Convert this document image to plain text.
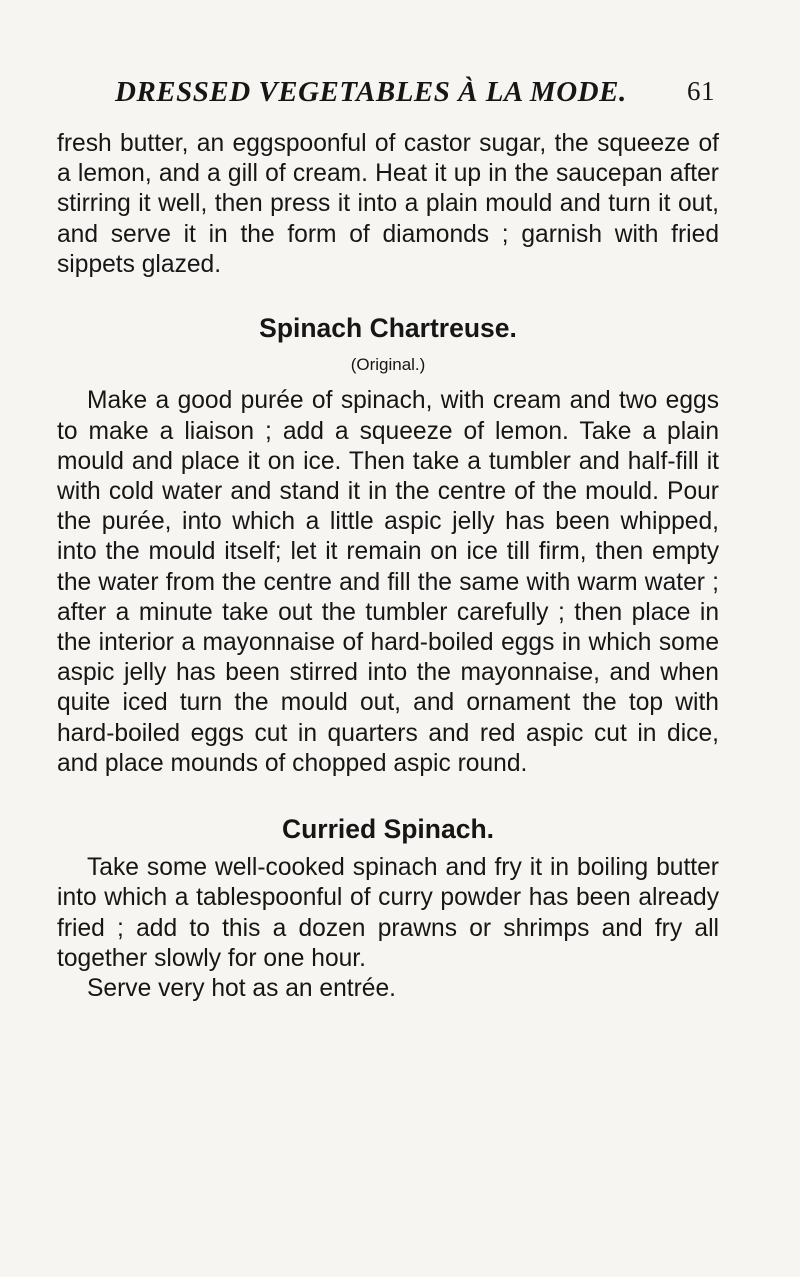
DRESSED VEGETABLES À LA MODE. 61

fresh butter, an eggspoonful of castor sugar, the squeeze of a lemon, and a gill of cream. Heat it up in the saucepan after stirring it well, then press it into a plain mould and turn it out, and serve it in the form of diamonds ; garnish with fried sippets glazed.

Spinach Chartreuse.

(Original.)

Make a good purée of spinach, with cream and two eggs to make a liaison ; add a squeeze of lemon. Take a plain mould and place it on ice. Then take a tumbler and half-fill it with cold water and stand it in the centre of the mould. Pour the purée, into which a little aspic jelly has been whipped, into the mould itself; let it remain on ice till firm, then empty the water from the centre and fill the same with warm water ; after a minute take out the tumbler carefully ; then place in the interior a mayonnaise of hard-boiled eggs in which some aspic jelly has been stirred into the mayonnaise, and when quite iced turn the mould out, and ornament the top with hard-boiled eggs cut in quarters and red aspic cut in dice, and place mounds of chopped aspic round.

Curried Spinach.

Take some well-cooked spinach and fry it in boiling butter into which a tablespoonful of curry powder has been already fried ; add to this a dozen prawns or shrimps and fry all together slowly for one hour.

Serve very hot as an entrée.
